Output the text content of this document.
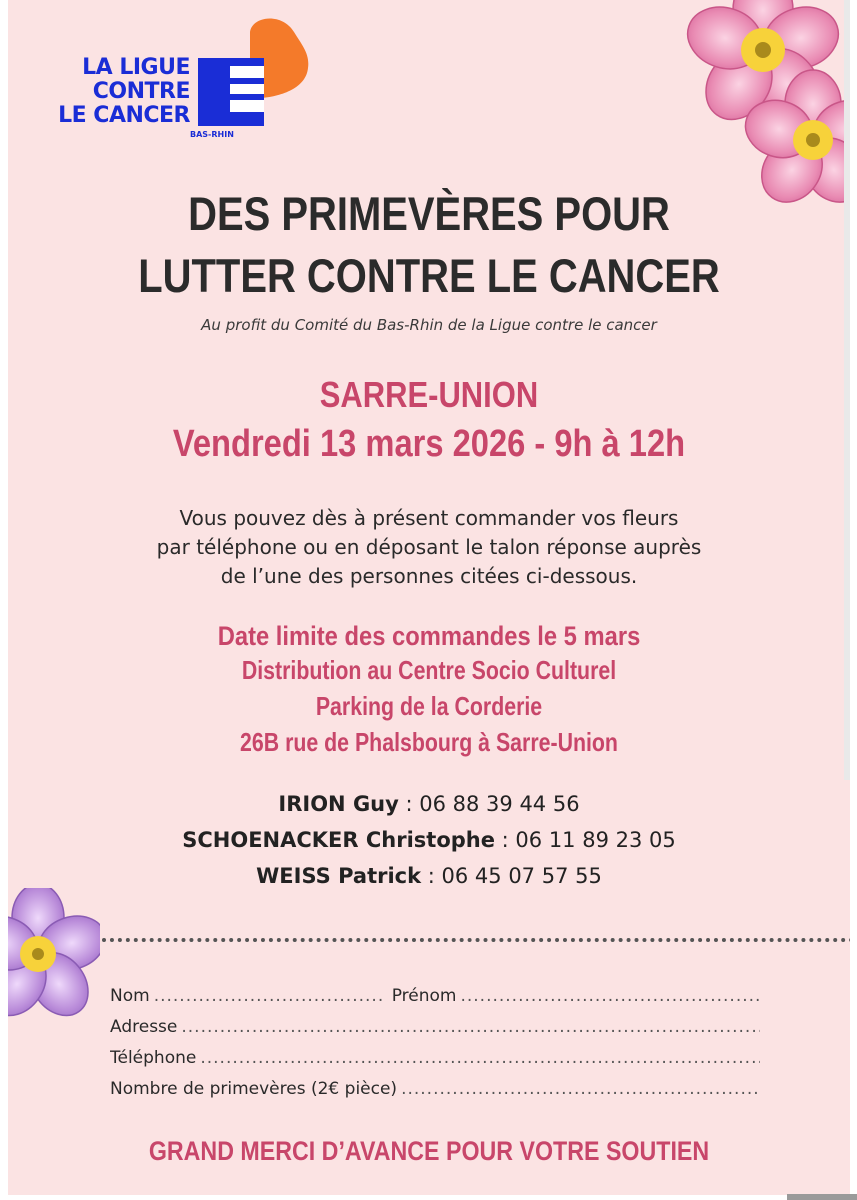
LA LIGUE
CONTRE
LE CANCER
BAS-RHIN
DES PRIMEVÈRES POUR
LUTTER CONTRE LE CANCER
Au profit du Comité du Bas-Rhin de la Ligue contre le cancer
SARRE-UNION
Vendredi 13 mars 2026 - 9h à 12h
Vous pouvez dès à présent commander vos fleurs
par téléphone ou en déposant le talon réponse auprès
de l’une des personnes citées ci-dessous.
Date limite des commandes le 5 mars
Distribution au Centre Socio Culturel
Parking de la Corderie
26B rue de Phalsbourg à Sarre-Union
IRION Guy : 06 88 39 44 56
SCHOENACKER Christophe : 06 11 89 23 05
WEISS Patrick : 06 45 07 57 55
Nom
.....	Prénom
.....
Adresse
.....
Téléphone
.....
Nombre de primevères (2€ pièce)
.....
GRAND MERCI D’AVANCE POUR VOTRE SOUTIEN
